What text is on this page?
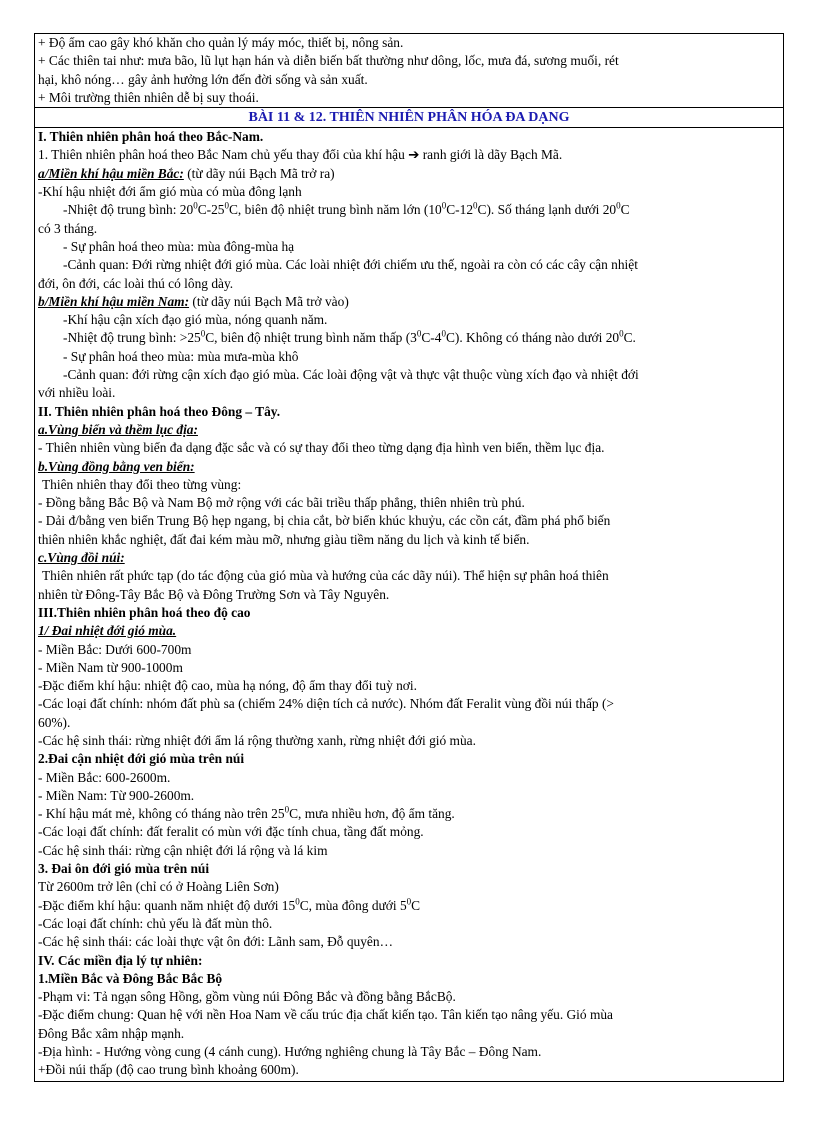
+ Độ ẩm cao gây khó khăn cho quản lý máy móc, thiết bị, nông sản.
+ Các thiên tai như: mưa bão, lũ lụt hạn hán và diễn biến bất thường như dông, lốc, mưa đá, sương muối, rét
hại, khô nóng… gây ảnh hưởng lớn đến đời sống và sản xuất.
+ Môi trường thiên nhiên dễ bị suy thoái.
BÀI 11 & 12. THIÊN NHIÊN PHÂN HÓA ĐA DẠNG
I. Thiên nhiên phân hoá theo Bắc-Nam.
1. Thiên nhiên phân hoá theo Bắc Nam chủ yếu thay đổi của khí hậu ➔ ranh giới là dãy Bạch Mã.
a/Miền khí hậu miền Bắc: (từ dãy núi Bạch Mã trở ra)
-Khí hậu nhiệt đới ẩm gió mùa có mùa đông lạnh
-Nhiệt độ trung bình: $20^0C-25^0C$, biên độ nhiệt trung bình năm lớn $(10^0C-12^0C)$. Số tháng lạnh dưới $20^0C$
có 3 tháng.
- Sự phân hoá theo mùa: mùa đông-mùa hạ
-Cảnh quan: Đới rừng nhiệt đới gió mùa. Các loài nhiệt đới chiếm ưu thế, ngoài ra còn có các cây cận nhiệt
đới, ôn đới, các loài thú có lông dày.
b/Miền khí hậu miền Nam: (từ dãy núi Bạch Mã trở vào)
-Khí hậu cận xích đạo gió mùa, nóng quanh năm.
-Nhiệt độ trung bình: $>25^0C$, biên độ nhiệt trung bình năm thấp $(3^0C-4^0C)$. Không có tháng nào dưới $20^0C$.
- Sự phân hoá theo mùa: mùa mưa-mùa khô
-Cảnh quan: đới rừng cận xích đạo gió mùa. Các loài động vật và thực vật thuộc vùng xích đạo và nhiệt đới
với nhiều loài.
II. Thiên nhiên phân hoá theo Đông – Tây.
a.Vùng biển và thềm lục địa:
- Thiên nhiên vùng biển đa dạng đặc sắc và có sự thay đổi theo từng dạng địa hình ven biển, thềm lục địa.
b.Vùng đồng bằng ven biển:
Thiên nhiên thay đổi theo từng vùng:
- Đồng bằng Bắc Bộ và Nam Bộ mở rộng với các bãi triều thấp phẳng, thiên nhiên trù phú.
- Dải đ/bằng ven biển Trung Bộ hẹp ngang, bị chia cắt, bờ biển khúc khuỷu, các cồn cát, đầm phá phổ biến
thiên nhiên khắc nghiệt, đất đai kém màu mỡ, nhưng giàu tiềm năng du lịch và kinh tế biển.
c.Vùng đồi núi:
Thiên nhiên rất phức tạp (do tác động của gió mùa và hướng của các dãy núi). Thể hiện sự phân hoá thiên
nhiên từ Đông-Tây Bắc Bộ và Đông Trường Sơn và Tây Nguyên.
III.Thiên nhiên phân hoá theo độ cao
1/ Đai nhiệt đới gió mùa.
- Miền Bắc: Dưới 600-700m
- Miền Nam từ 900-1000m
-Đặc điểm khí hậu: nhiệt độ cao, mùa hạ nóng, độ ẩm thay đổi tuỳ nơi.
-Các loại đất chính: nhóm đất phù sa (chiếm 24% diện tích cả nước). Nhóm đất Feralit vùng đồi núi thấp (>
60%).
-Các hệ sinh thái: rừng nhiệt đới ẩm lá rộng thường xanh, rừng nhiệt đới gió mùa.
2.Đai cận nhiệt đới gió mùa trên núi
- Miền Bắc: 600-2600m.
- Miền Nam: Từ 900-2600m.
- Khí hậu mát mẻ, không có tháng nào trên $25^0C$, mưa nhiều hơn, độ ẩm tăng.
-Các loại đất chính: đất feralit có mùn với đặc tính chua, tầng đất mỏng.
-Các hệ sinh thái: rừng cận nhiệt đới lá rộng và lá kim
3. Đai ôn đới gió mùa trên núi
Từ 2600m trở lên (chỉ có ở Hoàng Liên Sơn)
-Đặc điểm khí hậu: quanh năm nhiệt độ dưới $15^0C$, mùa đông dưới $5^0C$
-Các loại đất chính: chủ yếu là đất mùn thô.
-Các hệ sinh thái: các loài thực vật ôn đới: Lãnh sam, Đỗ quyên…
IV. Các miền địa lý tự nhiên:
1.Miền Bắc và Đông Bắc Bắc Bộ
-Phạm vi: Tả ngạn sông Hồng, gồm vùng núi Đông Bắc và đồng bằng BắcBộ.
-Đặc điểm chung: Quan hệ với nền Hoa Nam về cấu trúc địa chất kiến tạo. Tân kiến tạo nâng yếu. Gió mùa
Đông Bắc xâm nhập mạnh.
-Địa hình: - Hướng vòng cung (4 cánh cung). Hướng nghiêng chung là Tây Bắc – Đông Nam.
+Đồi núi thấp (độ cao trung bình khoảng 600m).
